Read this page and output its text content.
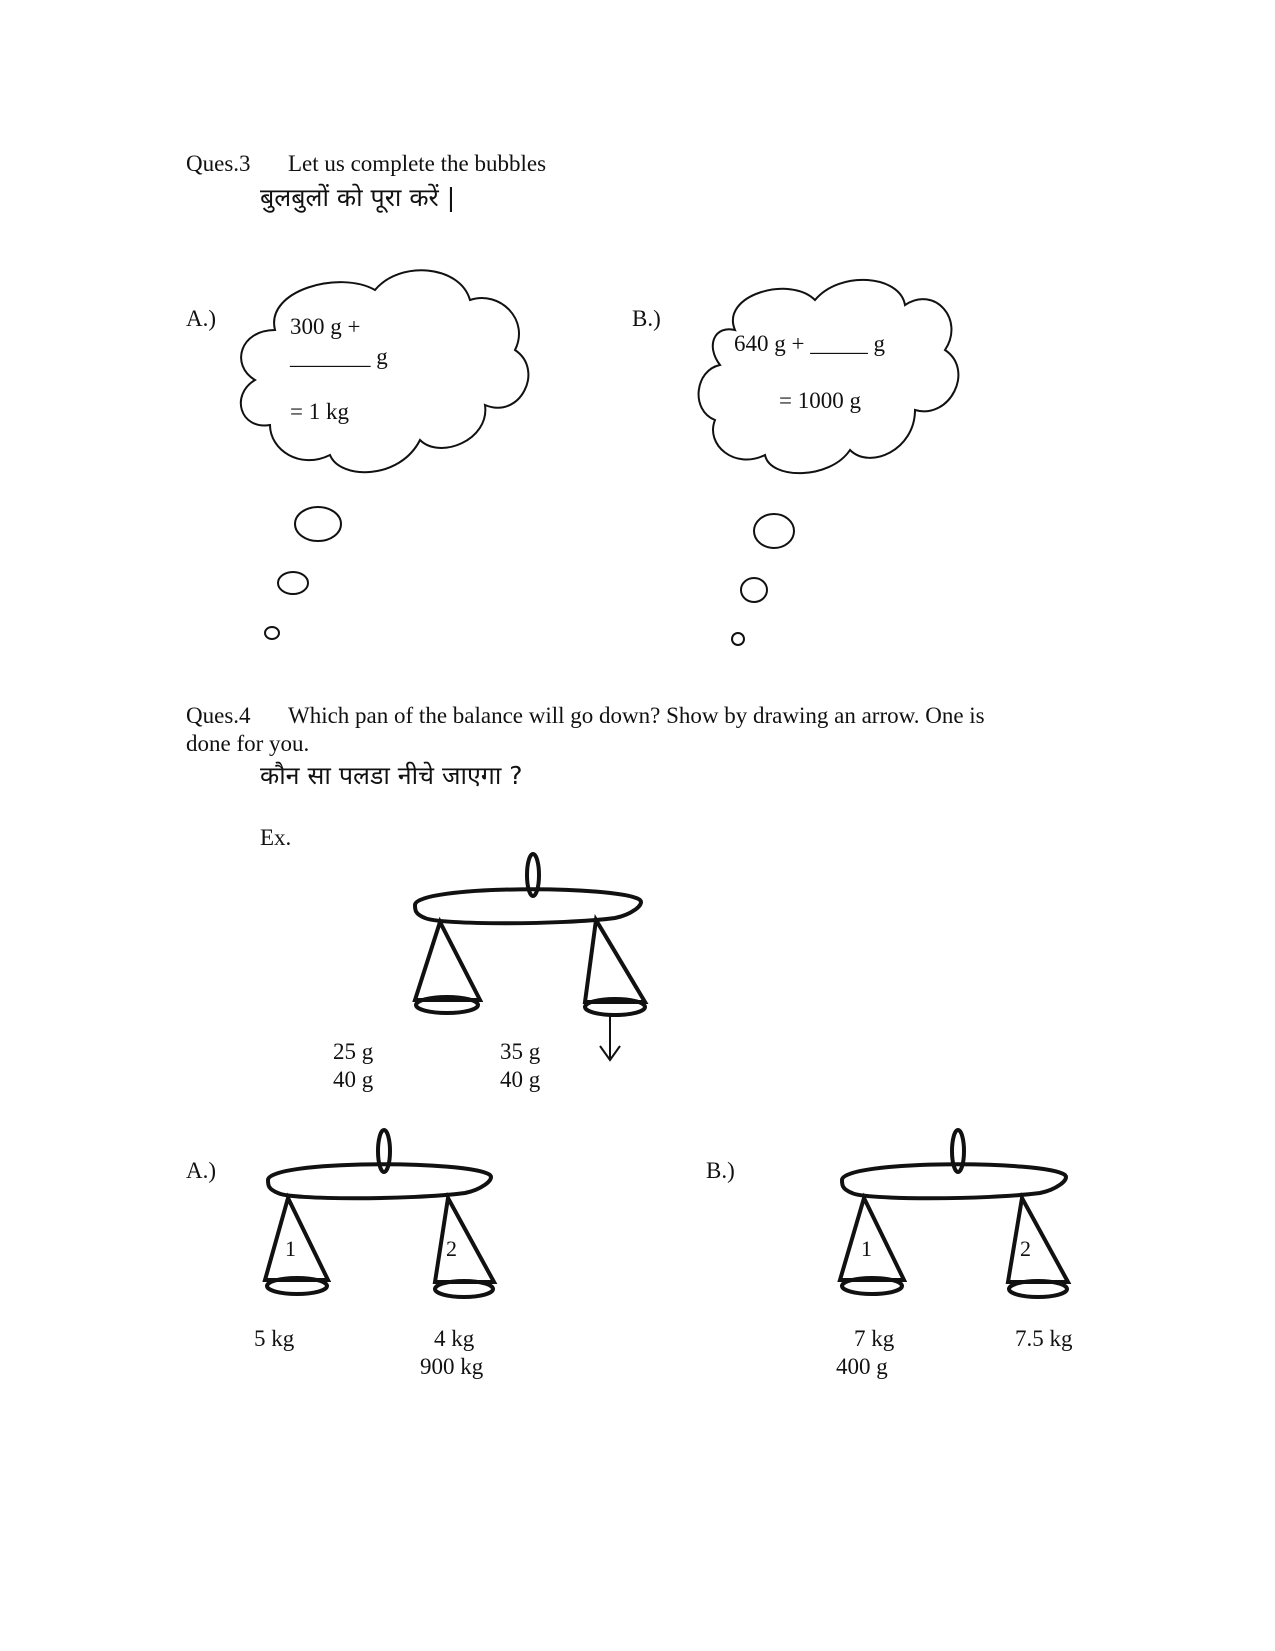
Ques.3 Let us complete the bubbles
बुलबुलों को पूरा करें |
A.)	B.)
1	2	1	2
300 g +
_______ g
= 1 kg
640 g + _____ g
= 1000 g
Ques.4 Which pan of the balance will go down? Show by drawing an arrow. One is
done for you.
कौन सा पलडा नीचे जाएगा ?
Ex.
25 g
40 g
35 g
40 g
A.)	B.)
5 kg	4 kg
900 kg
7 kg
400 g
7.5 kg
